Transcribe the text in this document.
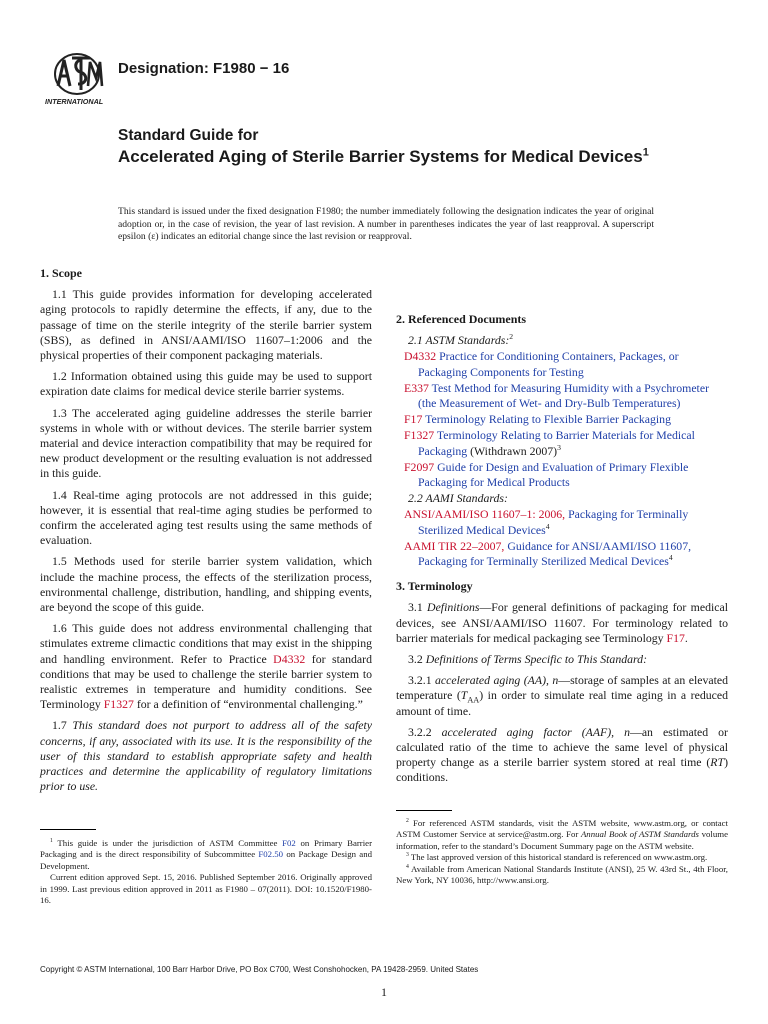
INTERNATIONAL
Designation: F1980 − 16

Standard Guide for

Accelerated Aging of Sterile Barrier Systems for Medical Devices$^1$

This standard is issued under the fixed designation F1980; the number immediately following the designation indicates the year of original adoption or, in the case of revision, the year of last revision. A number in parentheses indicates the year of last reapproval. A superscript epsilon (ε) indicates an editorial change since the last revision or reapproval.
1. Scope

1.1 This guide provides information for developing accelerated aging protocols to rapidly determine the effects, if any, due to the passage of time on the sterile integrity of the sterile barrier system (SBS), as defined in ANSI/AAMI/ISO 11607–1:2006 and the physical properties of their component packaging materials.

1.2 Information obtained using this guide may be used to support expiration date claims for medical device sterile barrier systems.

1.3 The accelerated aging guideline addresses the sterile barrier systems in whole with or without devices. The sterile barrier system material and device interaction compatibility that may be required for new product development or the resulting evaluation is not addressed in this guide.

1.4 Real-time aging protocols are not addressed in this guide; however, it is essential that real-time aging studies be performed to confirm the accelerated aging test results using the same methods of evaluation.

1.5 Methods used for sterile barrier system validation, which include the machine process, the effects of the sterilization process, environmental challenge, distribution, handling, and shipping events, are beyond the scope of this guide.

1.6 This guide does not address environmental challenging that stimulates extreme climactic conditions that may exist in the shipping and handling environment. Refer to Practice D4332 for standard conditions that may be used to challenge the sterile barrier system to realistic extremes in temperature and humidity conditions. See Terminology F1327 for a definition of “environmental challenging.”

1.7 This standard does not purport to address all of the safety concerns, if any, associated with its use. It is the responsibility of the user of this standard to establish appropriate safety and health practices and determine the applicability of regulatory limitations prior to use.

2. Referenced Documents
2.1 ASTM Standards:$^2$
D4332 Practice for Conditioning Containers, Packages, or Packaging Components for Testing
E337 Test Method for Measuring Humidity with a Psychrometer (the Measurement of Wet- and Dry-Bulb Temperatures)
F17 Terminology Relating to Flexible Barrier Packaging
F1327 Terminology Relating to Barrier Materials for Medical Packaging (Withdrawn 2007)$^3$
F2097 Guide for Design and Evaluation of Primary Flexible Packaging for Medical Products
2.2 AAMI Standards:
ANSI/AAMI/ISO 11607–1: 2006, Packaging for Terminally Sterilized Medical Devices$^4$
AAMI TIR 22–2007, Guidance for ANSI/AAMI/ISO 11607, Packaging for Terminally Sterilized Medical Devices$^4$
3. Terminology

3.1 Definitions—For general definitions of packaging for medical devices, see ANSI/AAMI/ISO 11607. For terminology related to barrier materials for medical packaging see Terminology F17.

3.2 Definitions of Terms Specific to This Standard:

3.2.1 accelerated aging (AA), n—storage of samples at an elevated temperature $(T_{AA})$ in order to simulate real time aging in a reduced amount of time.

3.2.2 accelerated aging factor (AAF), n—an estimated or calculated ratio of the time to achieve the same level of physical property change as a sterile barrier system stored at real time (RT) conditions.

$^1$ This guide is under the jurisdiction of ASTM Committee F02 on Primary Barrier Packaging and is the direct responsibility of Subcommittee F02.50 on Package Design and Development.

Current edition approved Sept. 15, 2016. Published September 2016. Originally approved in 1999. Last previous edition approved in 2011 as F1980 – 07(2011). DOI: 10.1520/F1980-16.

$^2$ For referenced ASTM standards, visit the ASTM website, www.astm.org, or contact ASTM Customer Service at service@astm.org. For Annual Book of ASTM Standards volume information, refer to the standard’s Document Summary page on the ASTM website.

$^3$ The last approved version of this historical standard is referenced on www.astm.org.

$^4$ Available from American National Standards Institute (ANSI), 25 W. 43rd St., 4th Floor, New York, NY 10036, http://www.ansi.org.

Copyright © ASTM International, 100 Barr Harbor Drive, PO Box C700, West Conshohocken, PA 19428-2959. United States
1
